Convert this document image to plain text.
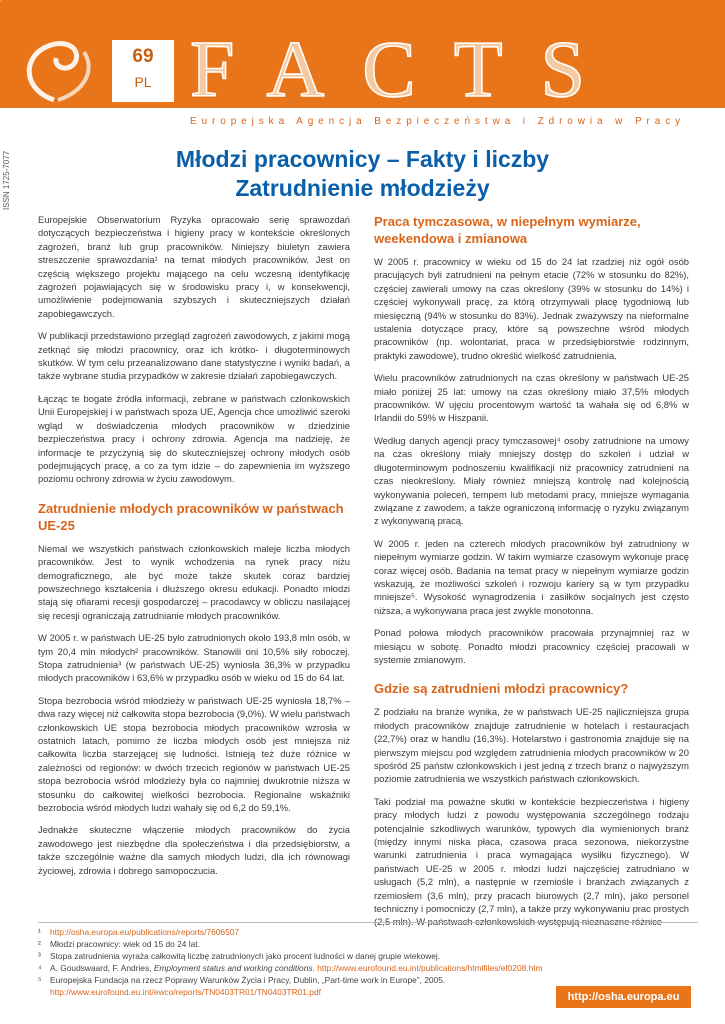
69
PL FACTS
Europejska Agencja Bezpieczeństwa i Zdrowia w Pracy
ISSN 1725-7077	Młodzi pracownicy – Fakty i liczby
Zatrudnienie młodzieży

Europejskie Obserwatorium Ryzyka opracowało serię sprawozdań dotyczących bezpieczeństwa i higieny pracy w kontekście określonych zagrożeń, branż lub grup pracowników. Niniejszy biuletyn zawiera streszczenie sprawozdania¹ na temat młodych pracowników. Jest on częścią większego projektu mającego na celu wczesną identyfikację zagrożeń pojawiających się w środowisku pracy i, w konsekwencji, umożliwienie podejmowania szybszych i skuteczniejszych działań zapobiegawczych.

W publikacji przedstawiono przegląd zagrożeń zawodowych, z jakimi mogą zetknąć się młodzi pracownicy, oraz ich krótko- i długoterminowych skutków. W tym celu przeanalizowano dane statystyczne i wyniki badań, a także wybrane studia przypadków w zakresie działań zapobiegawczych.

Łącząc te bogate źródła informacji, zebrane w państwach członkowskich Unii Europejskiej i w państwach spoza UE, Agencja chce umożliwić szeroki wgląd w doświadczenia młodych pracowników w dziedzinie bezpieczeństwa pracy i ochrony zdrowia. Agencja ma nadzieję, że informacje te przyczynią się do skuteczniejszej ochrony młodych osób podejmujących pracę, a co za tym idzie – do zapewnienia im wyższego poziomu ochrony zdrowia w życiu zawodowym.

Zatrudnienie młodych pracowników w państwach UE-25

Niemal we wszystkich państwach członkowskich maleje liczba młodych pracowników. Jest to wynik wchodzenia na rynek pracy niżu demograficznego, ale być może także skutek coraz bardziej powszechnego kształcenia i dłuższego okresu edukacji. Ponadto młodzi stają się ofiarami recesji gospodarczej – pracodawcy w obliczu nasilającej się recesji ograniczają zatrudnianie młodych pracowników.

W 2005 r. w państwach UE-25 było zatrudnionych około 193,8 mln osób, w tym 20,4 mln młodych² pracowników. Stanowili oni 10,5% siły roboczej. Stopa zatrudnienia³ (w państwach UE-25) wyniosła 36,3% w przypadku młodych pracowników i 63,6% w przypadku osób w wieku od 15 do 64 lat.

Stopa bezrobocia wśród młodzieży w państwach UE-25 wyniosła 18,7% – dwa razy więcej niż całkowita stopa bezrobocia (9,0%). W wielu państwach członkowskich UE stopa bezrobocia młodych pracowników wzrosła w ostatnich latach, pomimo że liczba młodych osób jest mniejsza niż całkowita liczba starzejącej się ludności. Istnieją też duże różnice w zależności od regionów: w dwóch trzecich regionów w państwach UE-25 stopa bezrobocia wśród młodzieży była co najmniej dwukrotnie niższa w stosunku do całkowitej wielkości bezrobocia. Regionalne wskaźniki bezrobocia wśród młodych ludzi wahały się od 6,2 do 59,1%.

Jednakże skuteczne włączenie młodych pracowników do życia zawodowego jest niezbędne dla społeczeństwa i dla przedsiębiorstw, a także szczególnie ważne dla samych młodych ludzi, dla ich równowagi życiowej, zdrowia i dobrego samopoczucia.

Praca tymczasowa, w niepełnym wymiarze, weekendowa i zmianowa

W 2005 r. pracownicy w wieku od 15 do 24 lat rzadziej niż ogół osób pracujących byli zatrudnieni na pełnym etacie (72% w stosunku do 82%), częściej zawierali umowy na czas określony (39% w stosunku do 14%) i częściej wykonywali pracę, za którą otrzymywali płacę tygodniową lub miesięczną (94% w stosunku do 83%). Jednak zważywszy na nieformalne ustalenia dotyczące pracy, które są powszechne wśród młodych pracowników (np. wolontariat, praca w przedsiębiorstwie rodzinnym, praktyki zawodowe), trudno określić wielkość zatrudnienia.

Wielu pracowników zatrudnionych na czas określony w państwach UE-25 miało poniżej 25 lat: umowy na czas określony miało 37,5% młodych pracowników. W ujęciu procentowym wartość ta wahała się od 6,8% w Irlandii do 59% w Hiszpanii.

Według danych agencji pracy tymczasowej⁴ osoby zatrudnione na umowy na czas określony miały mniejszy dostęp do szkoleń i udział w długoterminowym podnoszeniu kwalifikacji niż pracownicy zatrudnieni na czas nieokreślony. Miały również mniejszą kontrolę nad kolejnością wykonywania poleceń, tempem lub metodami pracy, mniejsze wymagania związane z zawodem, a także ograniczoną informację o ryzyku związanym z wykonywaną pracą.

W 2005 r. jeden na czterech młodych pracowników był zatrudniony w niepełnym wymiarze godzin. W takim wymiarze czasowym wykonuje pracę coraz więcej osób. Badania na temat pracy w niepełnym wymiarze godzin wskazują, że możliwości szkoleń i rozwoju kariery są w tym przypadku mniejsze⁵. Wysokość wynagrodzenia i zasiłków socjalnych jest często niższa, a wykonywana praca jest zwykle monotonna.

Ponad połowa młodych pracowników pracowała przynajmniej raz w miesiącu w sobotę. Ponadto młodzi pracownicy częściej pracowali w systemie zmianowym.

Gdzie są zatrudnieni młodzi pracownicy?

Z podziału na branże wynika, że w państwach UE-25 najliczniejsza grupa młodych pracowników znajduje zatrudnienie w hotelach i restauracjach (22,7%) oraz w handlu (16,3%). Hotelarstwo i gastronomia znajduje się na pierwszym miejscu pod względem zatrudnienia młodych pracowników w 20 spośród 25 państw członkowskich i jest jedną z trzech branż o najwyższym poziomie zatrudnienia we wszystkich państwach członkowskich.

Taki podział ma poważne skutki w kontekście bezpieczeństwa i higieny pracy młodych ludzi z powodu występowania szczególnego rodzaju potencjalnie szkodliwych warunków, typowych dla wymienionych branż (między innymi niska płaca, czasowa praca sezonowa, niekorzystne warunki zatrudnienia i praca wymagająca wysiłku fizycznego). W państwach UE-25 w 2005 r. młodzi ludzi najczęściej zatrudniano w usługach (5,2 mln), a następnie w rzemiośle i branżach związanych z rzemiosłem (3,6 mln), przy pracach biurowych (2,7 mln), jako personel techniczny i pomocniczy (2,7 mln), a także przy wykonywaniu prac prostych (2,5 mln). W państwach członkowskich występują nieznaczne różnice

¹ http://osha.europa.eu/publications/reports/7606507
² Młodzi pracownicy: wiek od 15 do 24 lat.
³ Stopa zatrudnienia wyraża całkowitą liczbę zatrudnionych jako procent ludności w danej grupie wiekowej.
⁴ A. Goudswaard, F. Andries, Employment status and working conditions. http://www.eurofound.eu.int/publications/htmlfiles/ef0208.htm
⁵ Europejska Fundacja na rzecz Poprawy Warunków Życia i Pracy, Dublin, „Part-time work in Europe”, 2005.
http://www.eurofound.eu.int/ewco/reports/TN0403TR01/TN0403TR01.pdf	http://osha.europa.eu
